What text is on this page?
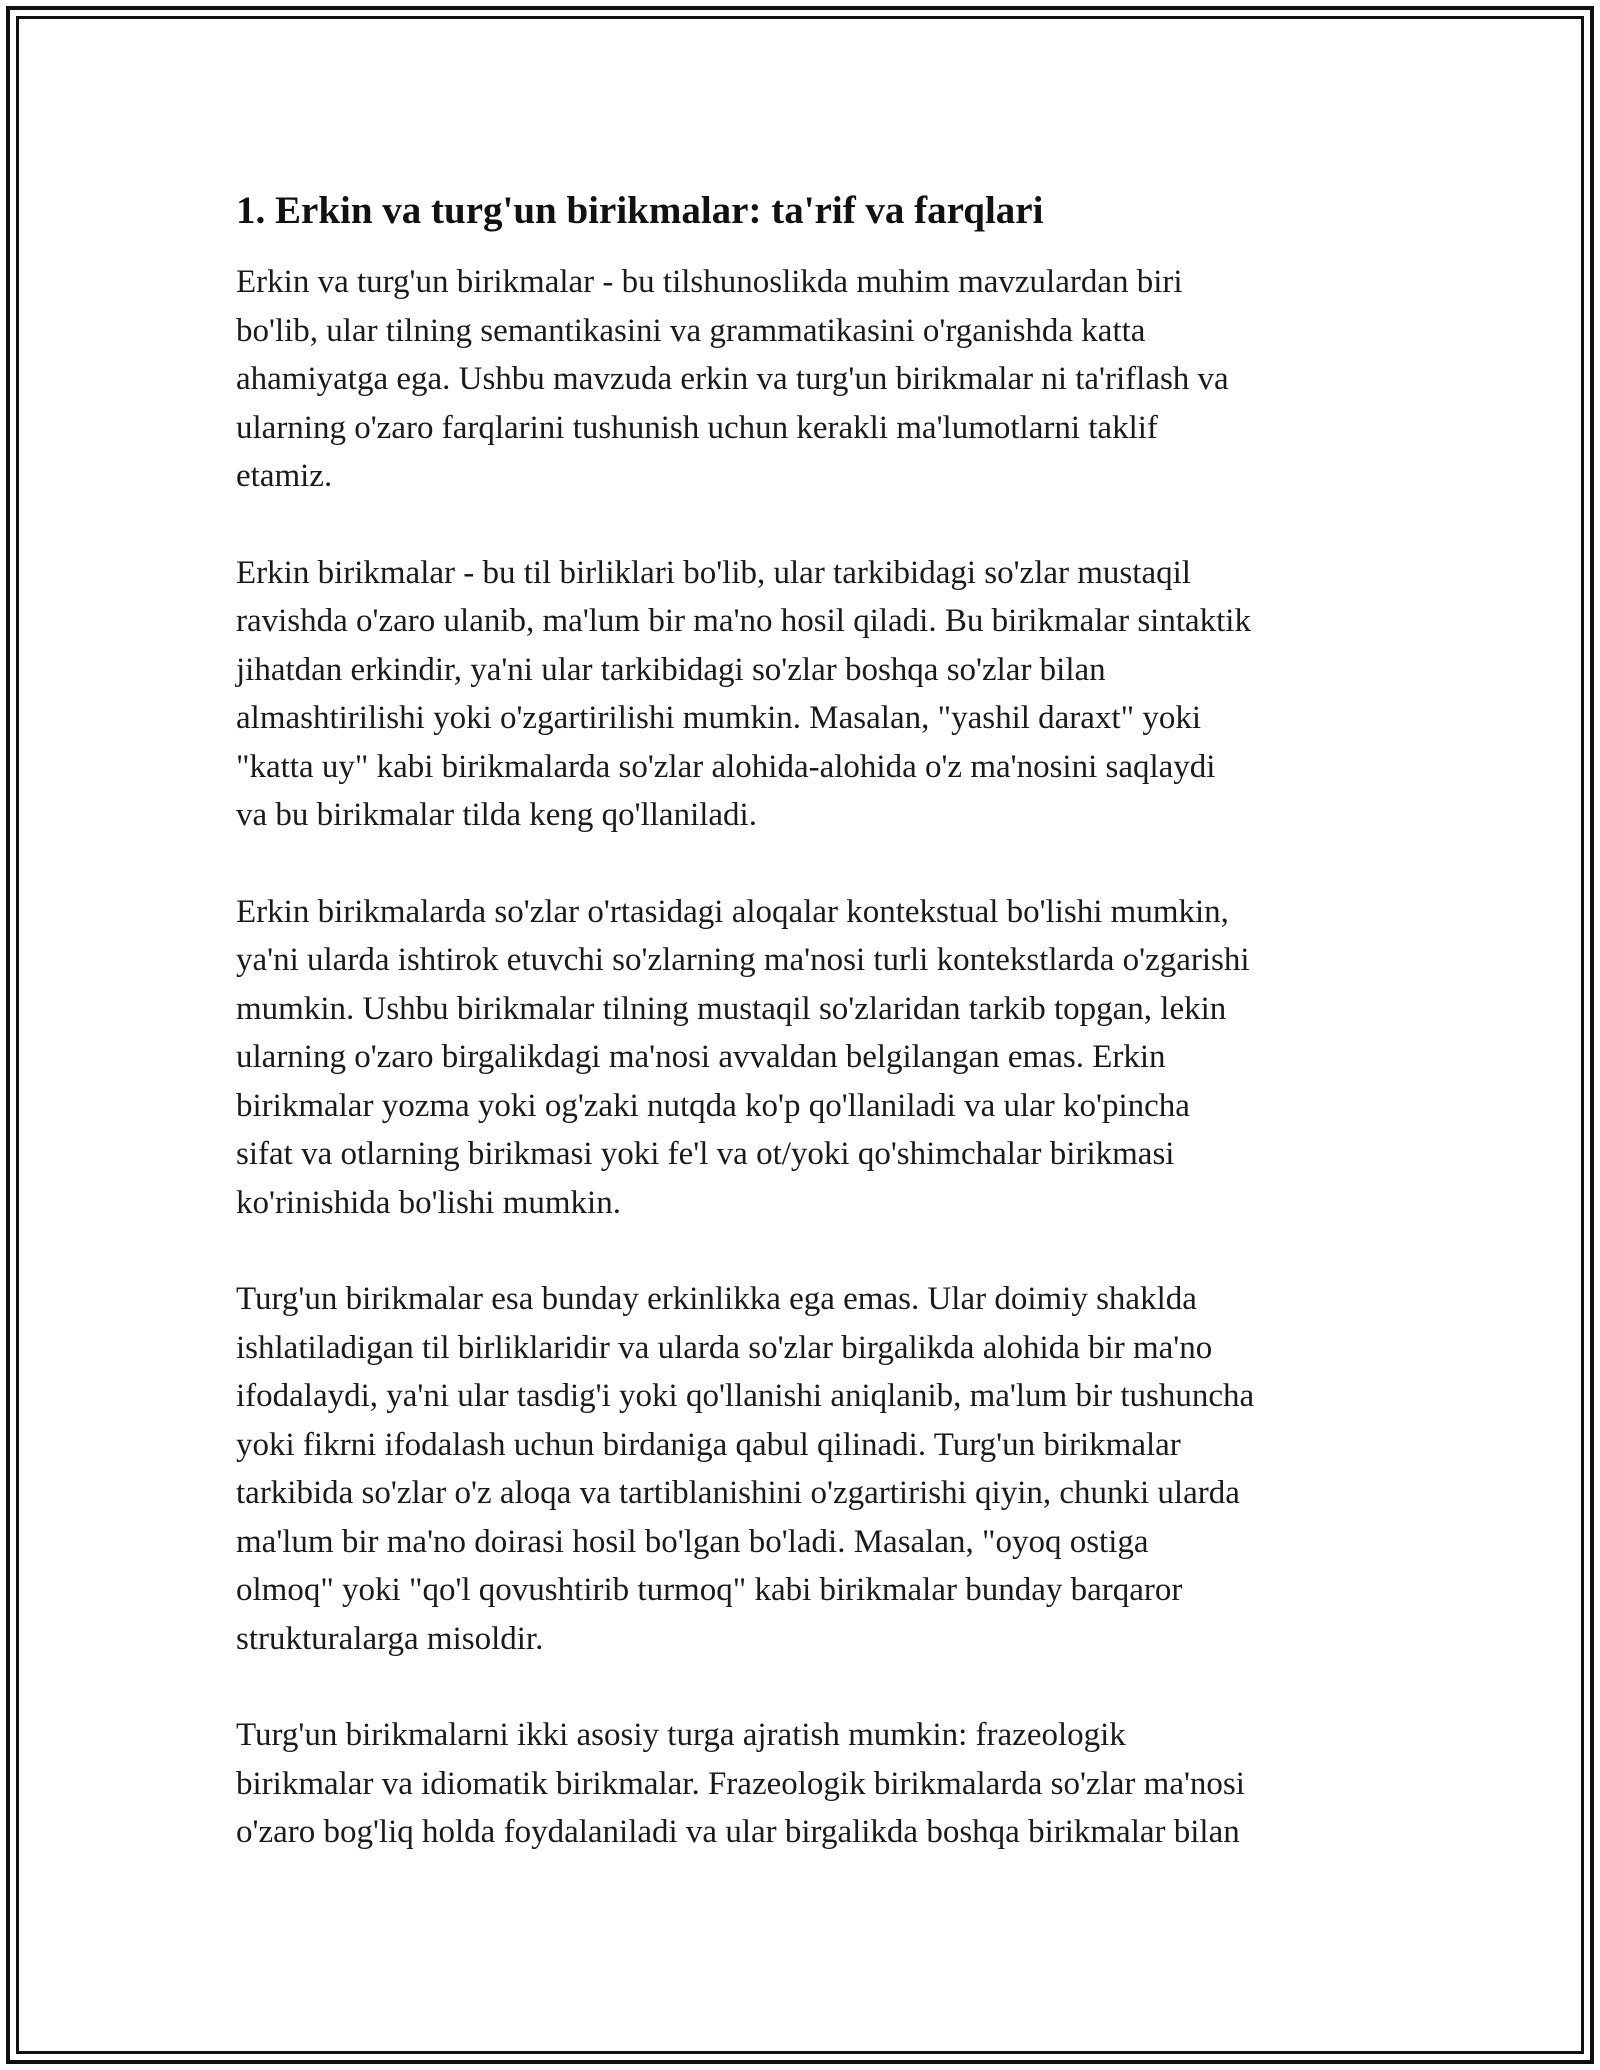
1. Erkin va turg'un birikmalar: ta'rif va farqlari

Erkin va turg'un birikmalar - bu tilshunoslikda muhim mavzulardan biri
bo'lib, ular tilning semantikasini va grammatikasini o'rganishda katta
ahamiyatga ega. Ushbu mavzuda erkin va turg'un birikmalar ni ta'riflash va
ularning o'zaro farqlarini tushunish uchun kerakli ma'lumotlarni taklif
etamiz.

Erkin birikmalar - bu til birliklari bo'lib, ular tarkibidagi so'zlar mustaqil
ravishda o'zaro ulanib, ma'lum bir ma'no hosil qiladi. Bu birikmalar sintaktik
jihatdan erkindir, ya'ni ular tarkibidagi so'zlar boshqa so'zlar bilan
almashtirilishi yoki o'zgartirilishi mumkin. Masalan, "yashil daraxt" yoki
"katta uy" kabi birikmalarda so'zlar alohida-alohida o'z ma'nosini saqlaydi
va bu birikmalar tilda keng qo'llaniladi.

Erkin birikmalarda so'zlar o'rtasidagi aloqalar kontekstual bo'lishi mumkin,
ya'ni ularda ishtirok etuvchi so'zlarning ma'nosi turli kontekstlarda o'zgarishi
mumkin. Ushbu birikmalar tilning mustaqil so'zlaridan tarkib topgan, lekin
ularning o'zaro birgalikdagi ma'nosi avvaldan belgilangan emas. Erkin
birikmalar yozma yoki og'zaki nutqda ko'p qo'llaniladi va ular ko'pincha
sifat va otlarning birikmasi yoki fe'l va ot/yoki qo'shimchalar birikmasi
ko'rinishida bo'lishi mumkin.

Turg'un birikmalar esa bunday erkinlikka ega emas. Ular doimiy shaklda
ishlatiladigan til birliklaridir va ularda so'zlar birgalikda alohida bir ma'no
ifodalaydi, ya'ni ular tasdig'i yoki qo'llanishi aniqlanib, ma'lum bir tushuncha
yoki fikrni ifodalash uchun birdaniga qabul qilinadi. Turg'un birikmalar
tarkibida so'zlar o'z aloqa va tartiblanishini o'zgartirishi qiyin, chunki ularda
ma'lum bir ma'no doirasi hosil bo'lgan bo'ladi. Masalan, "oyoq ostiga
olmoq" yoki "qo'l qovushtirib turmoq" kabi birikmalar bunday barqaror
strukturalarga misoldir.

Turg'un birikmalarni ikki asosiy turga ajratish mumkin: frazeologik
birikmalar va idiomatik birikmalar. Frazeologik birikmalarda so'zlar ma'nosi
o'zaro bog'liq holda foydalaniladi va ular birgalikda boshqa birikmalar bilan
